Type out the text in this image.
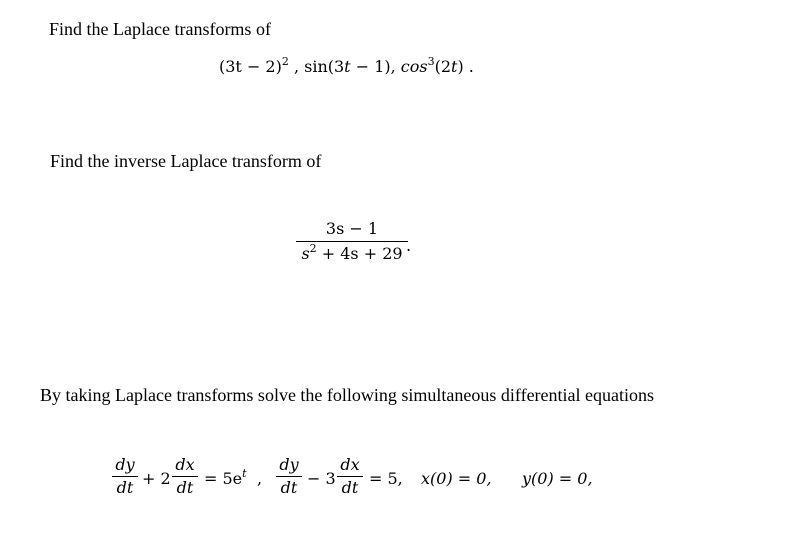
Find the Laplace transforms of
$(3t - 2)^2$ , sin(3t − 1), $\cos^3(2t)$ .
Find the inverse Laplace transform of
3s − 1
$s^2 + 4s + 29$ .
By taking Laplace transforms solve the following simultaneous differential equations
dy
dt + 2
dx
dt = $5e^t$ ,
dy
dt − 3
dx
dt = 5, x(0) = 0, y(0) = 0,
